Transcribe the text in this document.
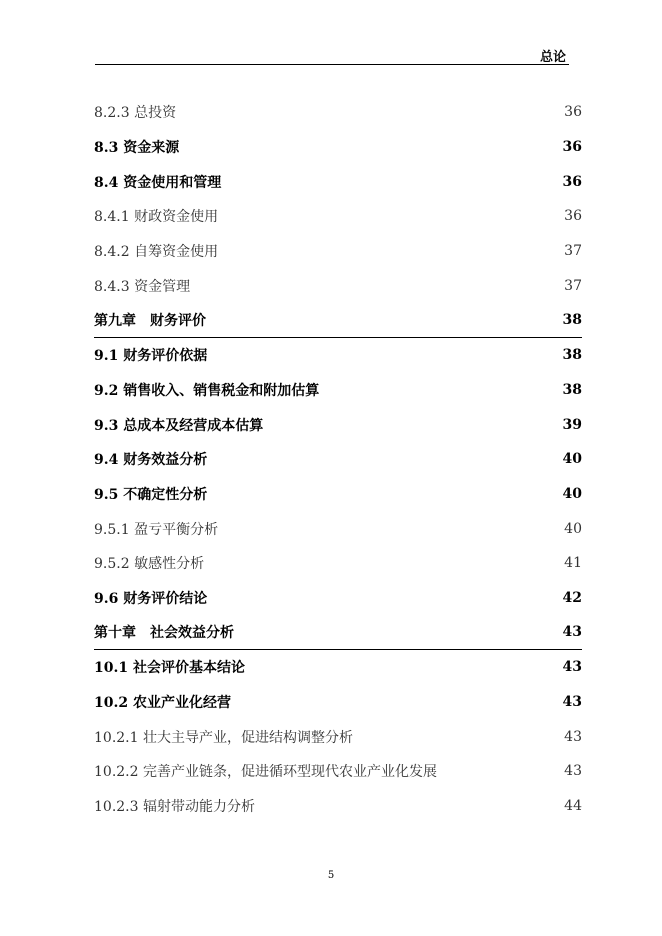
总论
8.2.3 总投资	36
8.3 资金来源	36
8.4 资金使用和管理	36
8.4.1 财政资金使用	36
8.4.2 自筹资金使用	37
8.4.3 资金管理	37
第九章　财务评价	38
9.1 财务评价依据	38
9.2 销售收入、销售税金和附加估算	38
9.3 总成本及经营成本估算	39
9.4 财务效益分析	40
9.5 不确定性分析	40
9.5.1 盈亏平衡分析	40
9.5.2 敏感性分析	41
9.6 财务评价结论	42
第十章　社会效益分析	43
10.1 社会评价基本结论	43
10.2 农业产业化经营	43
10.2.1 壮大主导产业，促进结构调整分析	43
10.2.2 完善产业链条，促进循环型现代农业产业化发展	43
10.2.3 辐射带动能力分析	44
5
